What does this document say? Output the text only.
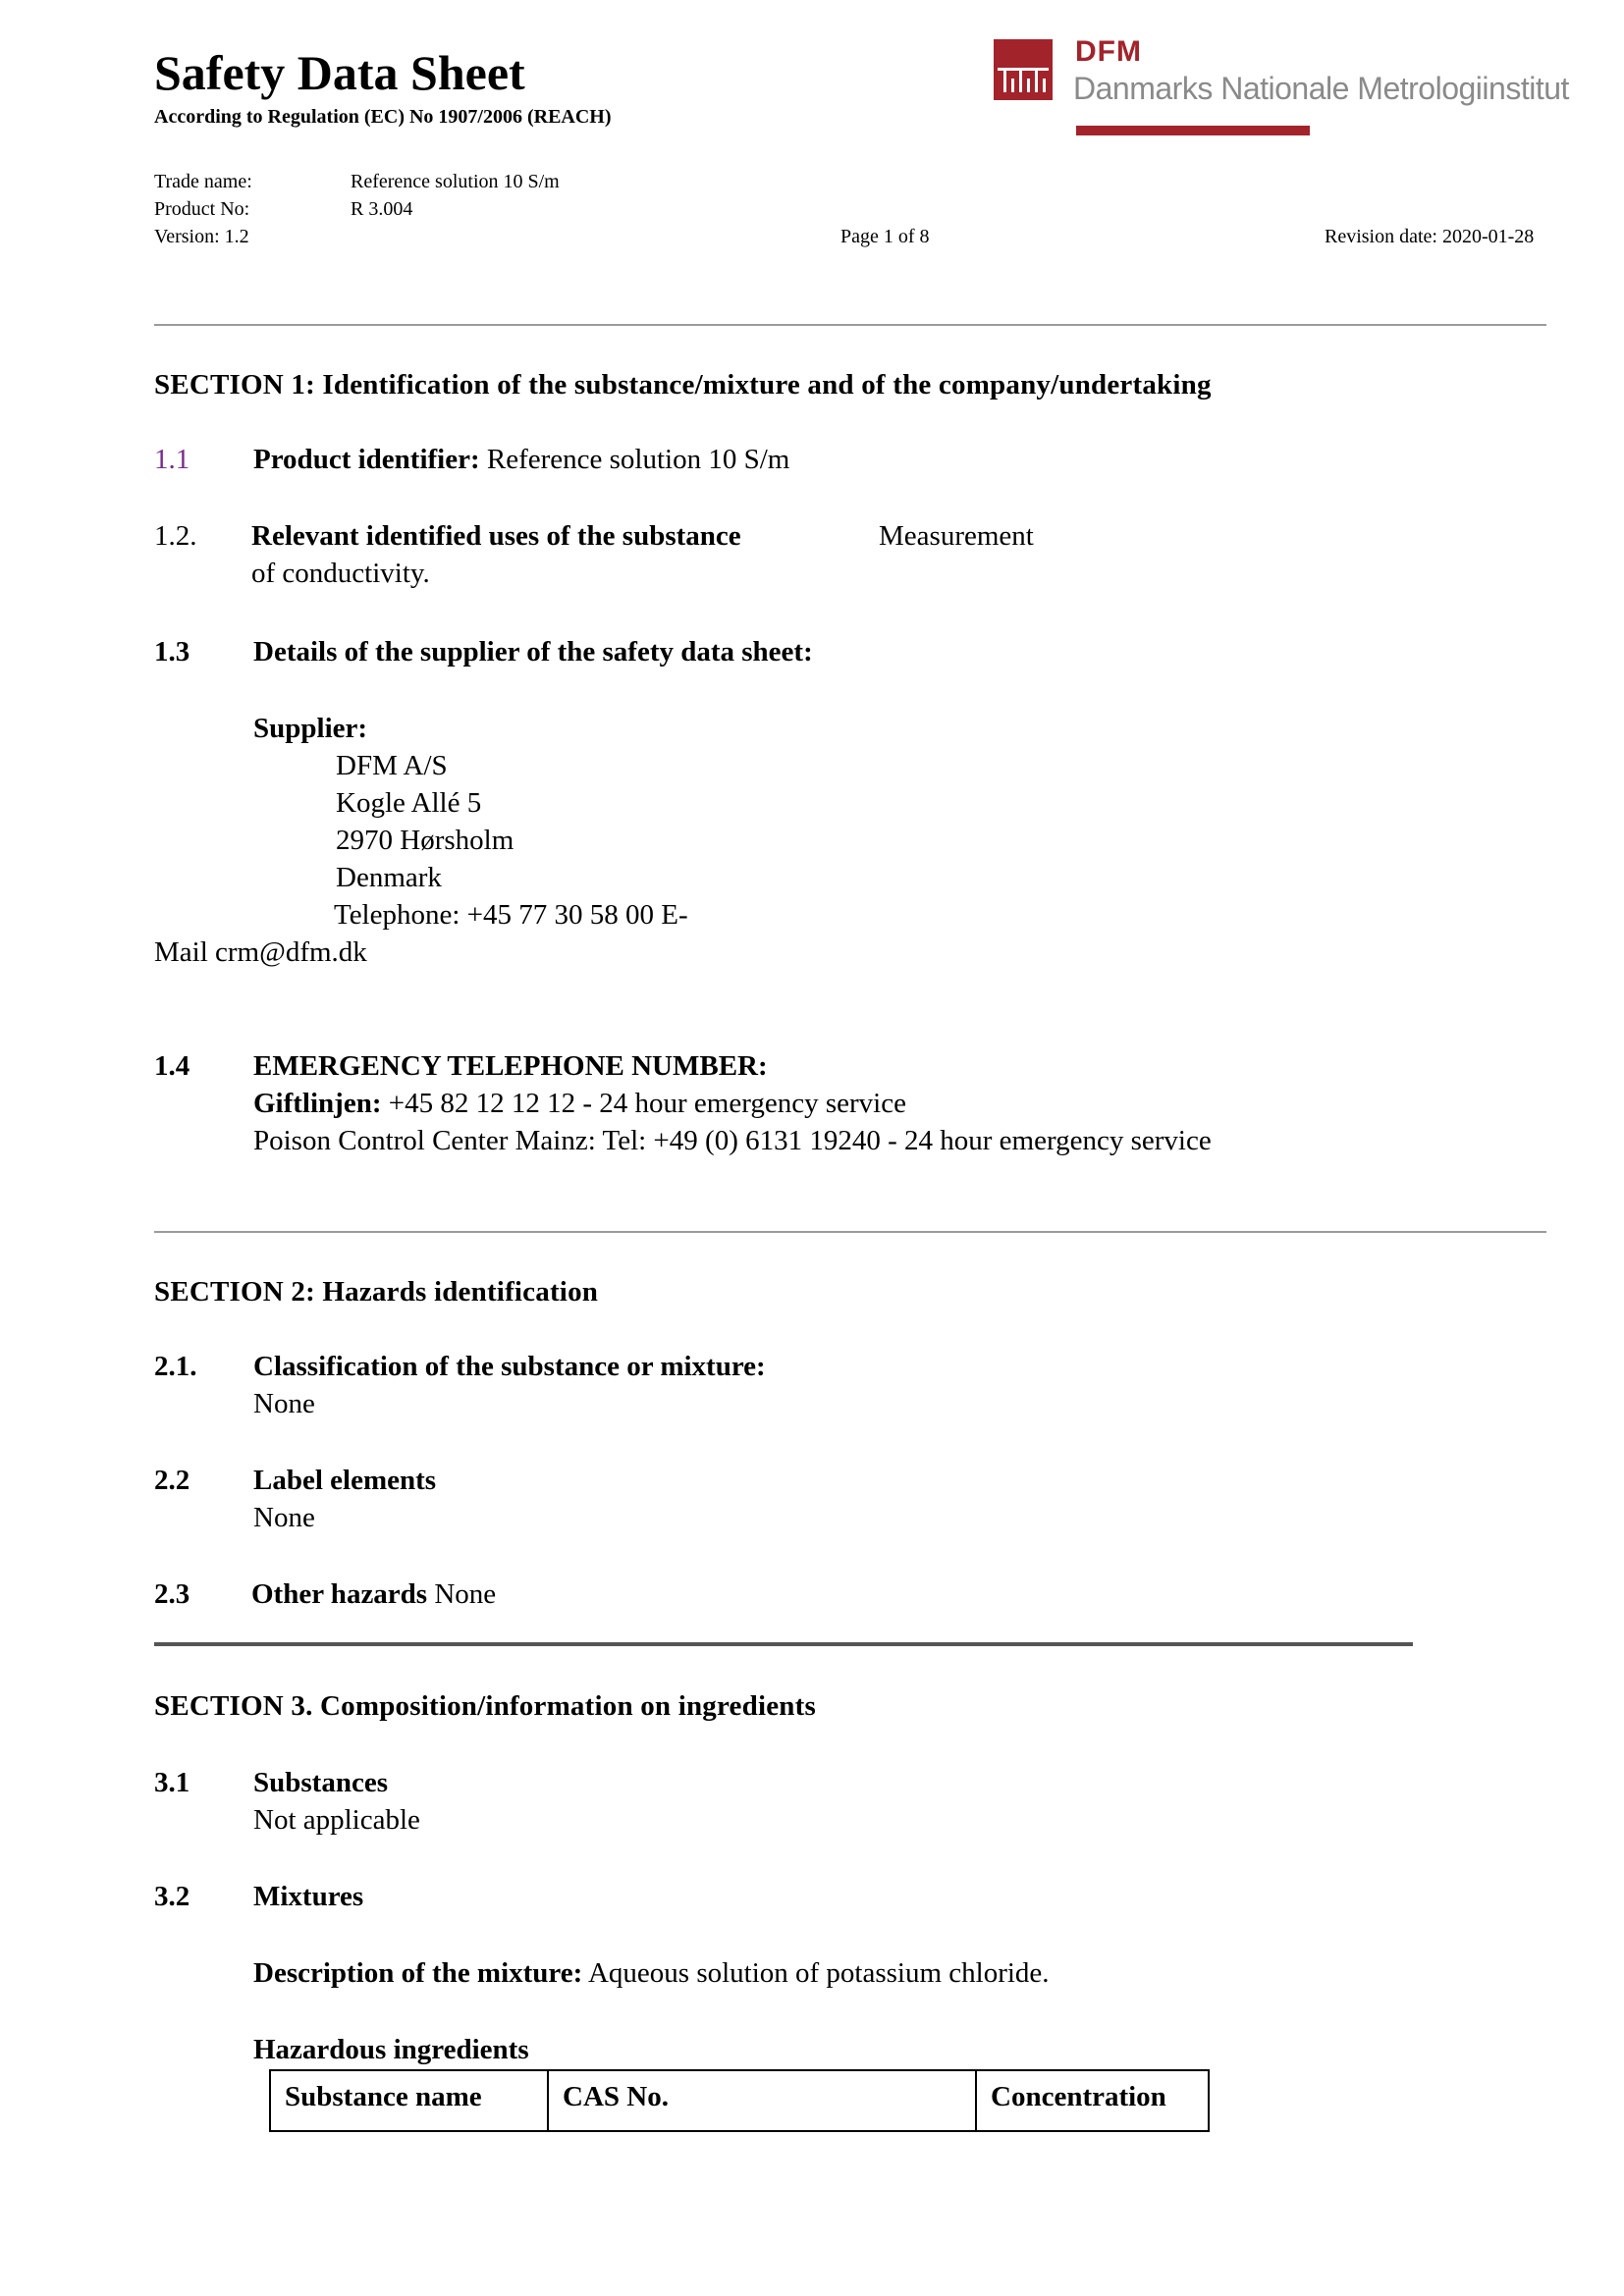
Safety Data Sheet
According to Regulation (EC) No 1907/2006 (REACH)
Trade name:	Reference solution 10 S/m
Product No:	R 3.004
Version: 1.2	Page 1 of 8	Revision date: 2020-01-28
DFM
Danmarks Nationale Metrologiinstitut
SECTION 1: Identification of the substance/mixture and of the company/undertaking
1.1 Product identifier: Reference solution 10 S/m
1.2. Relevant identified uses of the substance	Measurement
of conductivity.
1.3 Details of the supplier of the safety data sheet:
Supplier:
DFM A/S
Kogle Allé 5
2970 Hørsholm
Denmark
Telephone: +45 77 30 58 00 E-
Mail crm@dfm.dk
1.4 EMERGENCY TELEPHONE NUMBER:
Giftlinjen: +45 82 12 12 12 - 24 hour emergency service
Poison Control Center Mainz: Tel: +49 (0) 6131 19240 - 24 hour emergency service
SECTION 2: Hazards identification
2.1. Classification of the substance or mixture:
None
2.2 Label elements
None
2.3 Other hazards None
SECTION 3. Composition/information on ingredients
3.1 Substances
Not applicable
3.2 Mixtures
Description of the mixture: Aqueous solution of potassium chloride.
Hazardous ingredients
Substance name	CAS No.	Concentration
